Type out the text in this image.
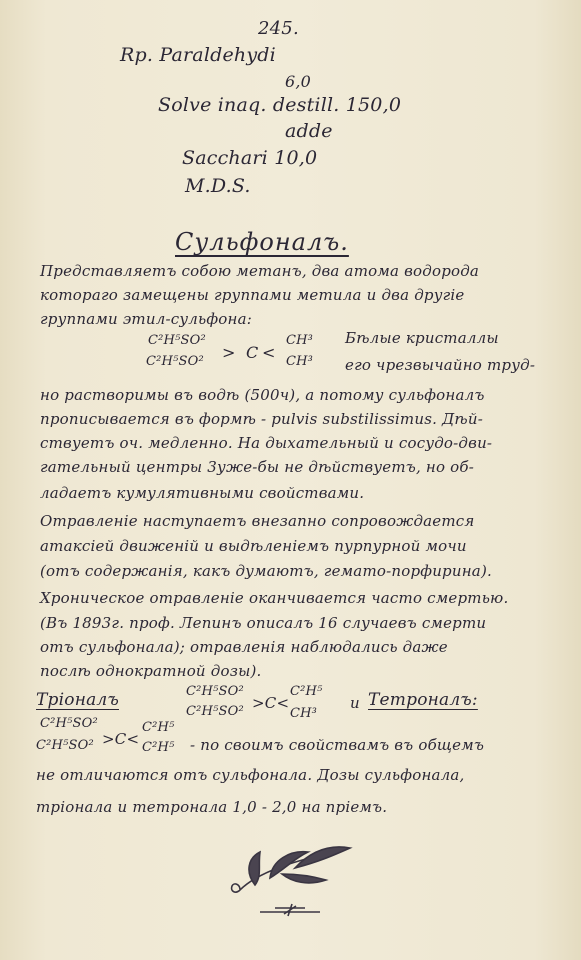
245.
Rp. Paraldehydi
6,0
Solve inaq. destill. 150,0
adde
Sacchari 10,0
M.D.S.
Сульфоналъ.
Представляетъ собою метанъ, два атома водорода
котораго замещены группами метила и два другіе
группами этил-сульфона:
C²H⁵SO²
C²H⁵SO² > C <
CH³
CH³
Бѣлые кристаллы
его чрезвычайно труд-
но растворимы въ водѣ (500ч), а потому сульфоналъ
прописывается въ формѣ - pulvis substilissimus. Дѣй-
ствуетъ оч. медленно. На дыхательный и сосудо-дви-
гательный центры 3уже-бы не дѣйствуетъ, но об-
ладаетъ кумулятивными свойствами.
Отравленіе наступаетъ внезапно сопровождается
атаксіей движеній и выдѣленіемъ пурпурной мочи
(отъ содержанія, какъ думаютъ, гемато-порфирина).
Хроническое отравленіе оканчивается часто смертью.
(Въ 1893г. проф. Лепинъ описалъ 16 случаевъ смерти
отъ сульфонала); отравленія наблюдались даже
послѣ однократной дозы).
Тріоналъ	C²H⁵SO²
C²H⁵SO² >C<
C²H⁵
CH³
и Тетроналъ:
C²H⁵SO²
C²H⁵SO² >C<
C²H⁵
C²H⁵ - по своимъ свойствамъ въ общемъ
не отличаются отъ сульфонала. Дозы сульфонала,
тріонала и тетронала 1,0 - 2,0 на пріемъ.
